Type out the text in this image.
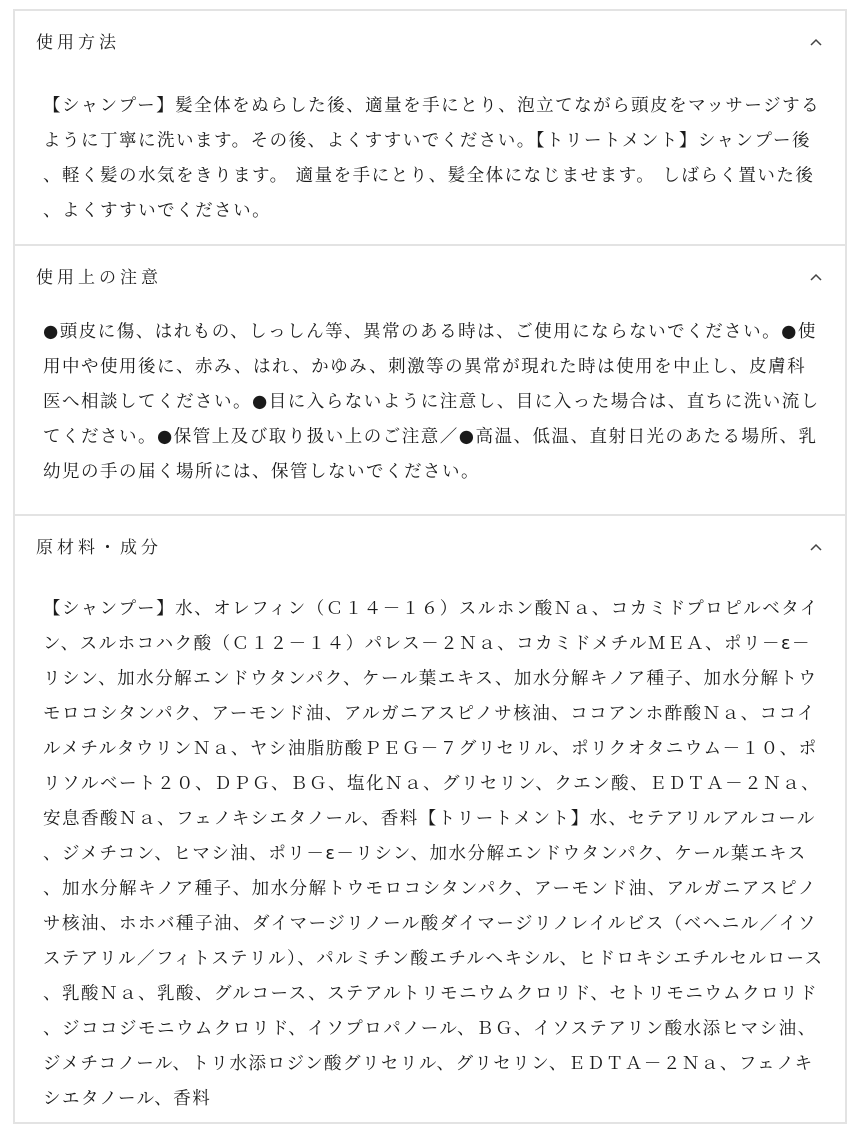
使用方法
【シャンプー】髪全体をぬらした後、適量を手にとり、泡立てながら頭皮をマッサージするように丁寧に洗います。その後、よくすすいでください。【トリートメント】シャンプー後、軽く髪の水気をきります。 適量を手にとり、髪全体になじませます。 しばらく置いた後、よくすすいでください。
使用上の注意
●頭皮に傷、はれもの、しっしん等、異常のある時は、ご使用にならないでください。●使用中や使用後に、赤み、はれ、かゆみ、刺激等の異常が現れた時は使用を中止し、皮膚科医へ相談してください。●目に入らないように注意し、目に入った場合は、直ちに洗い流してください。●保管上及び取り扱い上のご注意／●高温、低温、直射日光のあたる場所、乳幼児の手の届く場所には、保管しないでください。
原材料・成分
【シャンプー】水、オレフィン（Ｃ１４－１６）スルホン酸Ｎａ、コカミドプロピルベタイン、スルホコハク酸（Ｃ１２－１４）パレス－２Ｎａ、コカミドメチルＭＥＡ、ポリ－ε－リシン、加水分解エンドウタンパク、ケール葉エキス、加水分解キノア種子、加水分解トウモロコシタンパク、アーモンド油、アルガニアスピノサ核油、ココアンホ酢酸Ｎａ、ココイルメチルタウリンＮａ、ヤシ油脂肪酸ＰＥＧ－７グリセリル、ポリクオタニウム－１０、ポリソルベート２０、ＤＰＧ、ＢＧ、塩化Ｎａ、グリセリン、クエン酸、ＥＤＴＡ－２Ｎａ、安息香酸Ｎａ、フェノキシエタノール、香料【トリートメント】水、セテアリルアルコール、ジメチコン、ヒマシ油、ポリ－ε－リシン、加水分解エンドウタンパク、ケール葉エキス、加水分解キノア種子、加水分解トウモロコシタンパク、アーモンド油、アルガニアスピノサ核油、ホホバ種子油、ダイマージリノール酸ダイマージリノレイルビス（ベヘニル／イソステアリル／フィトステリル）、パルミチン酸エチルヘキシル、ヒドロキシエチルセルロース、乳酸Ｎａ、乳酸、グルコース、ステアルトリモニウムクロリド、セトリモニウムクロリド、ジココジモニウムクロリド、イソプロパノール、ＢＧ、イソステアリン酸水添ヒマシ油、ジメチコノール、トリ水添ロジン酸グリセリル、グリセリン、ＥＤＴＡ－２Ｎａ、フェノキシエタノール、香料
